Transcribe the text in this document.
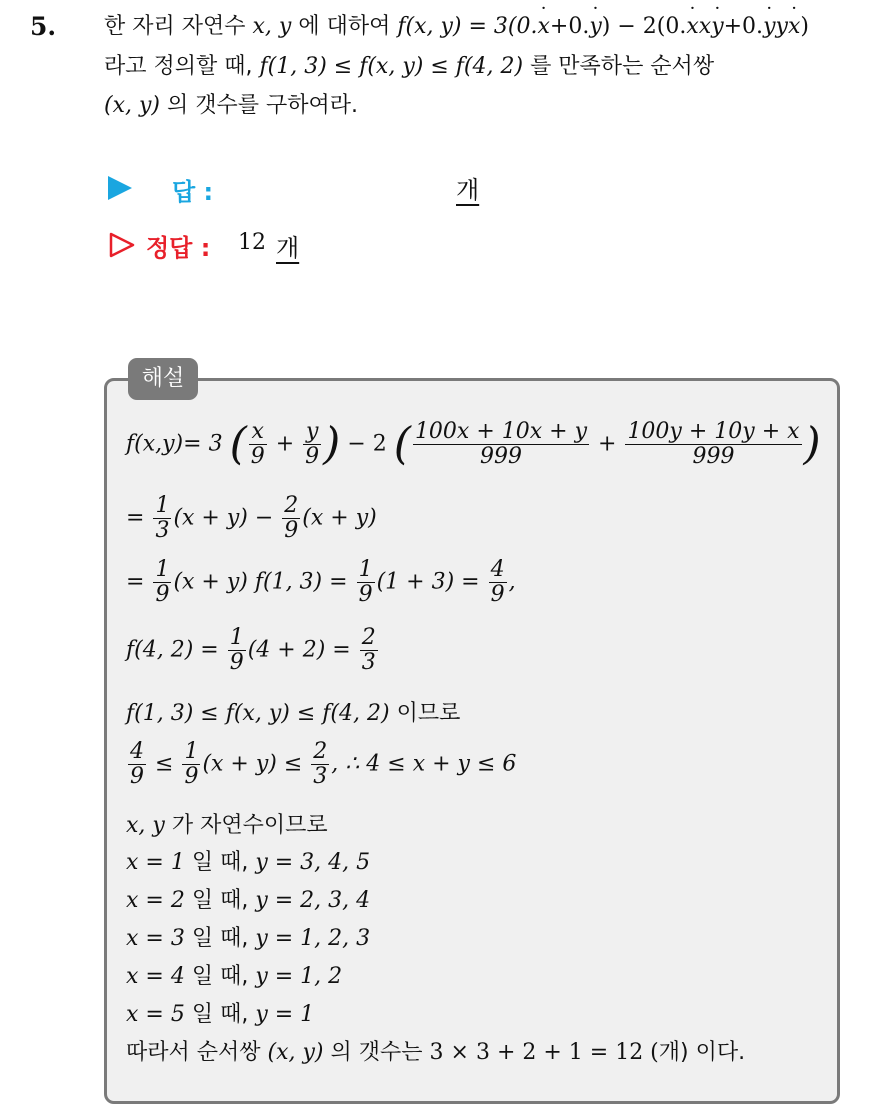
5. 한 자리 자연수 x, y 에 대하여 f(x, y) = 3(0.x ·+0.y ·) − 2(0.x ·xy ·+0.y ·yx ·)
라고 정의할 때, f(1, 3) ≤ f(x, y) ≤ f(4, 2) 를 만족하는 순서쌍
(x, y) 의 갯수를 구하여라.
답 :	개
정답 : 12 개
해설
f(x,y)= 3 ( $\frac{x}{9} + \frac{y}{9}$ ) − 2 ( $\frac{100x + 10x + y}{999} + \frac{100y + 10y + x}{999}$ )
= $\frac{1}{3} (x + y) - \frac{2}{9} (x + y)$
= $\frac{1}{9} (x + y)$ f(1, $3) = \frac{1}{9} (1 + 3) = \frac{4}{9}$ ,
f(4, $2) = \frac{1}{9} (4 + 2) = \frac{2}{3}$
f(1, 3) ≤ f(x, y) ≤ f(4, 2) 이므로
$\frac{4}{9} \le \frac{1}{9} (x + y) \le \frac{2}{3}$ , ∴ 4 ≤ x + y ≤ 6
x, y 가 자연수이므로
x = 1 일 때, y = 3, 4, 5
x = 2 일 때, y = 2, 3, 4
x = 3 일 때, y = 1, 2, 3
x = 4 일 때, y = 1, 2
x = 5 일 때, y = 1
따라서 순서쌍 (x, y) 의 갯수는 3 × 3 + 2 + 1 = 12 (개) 이다.
